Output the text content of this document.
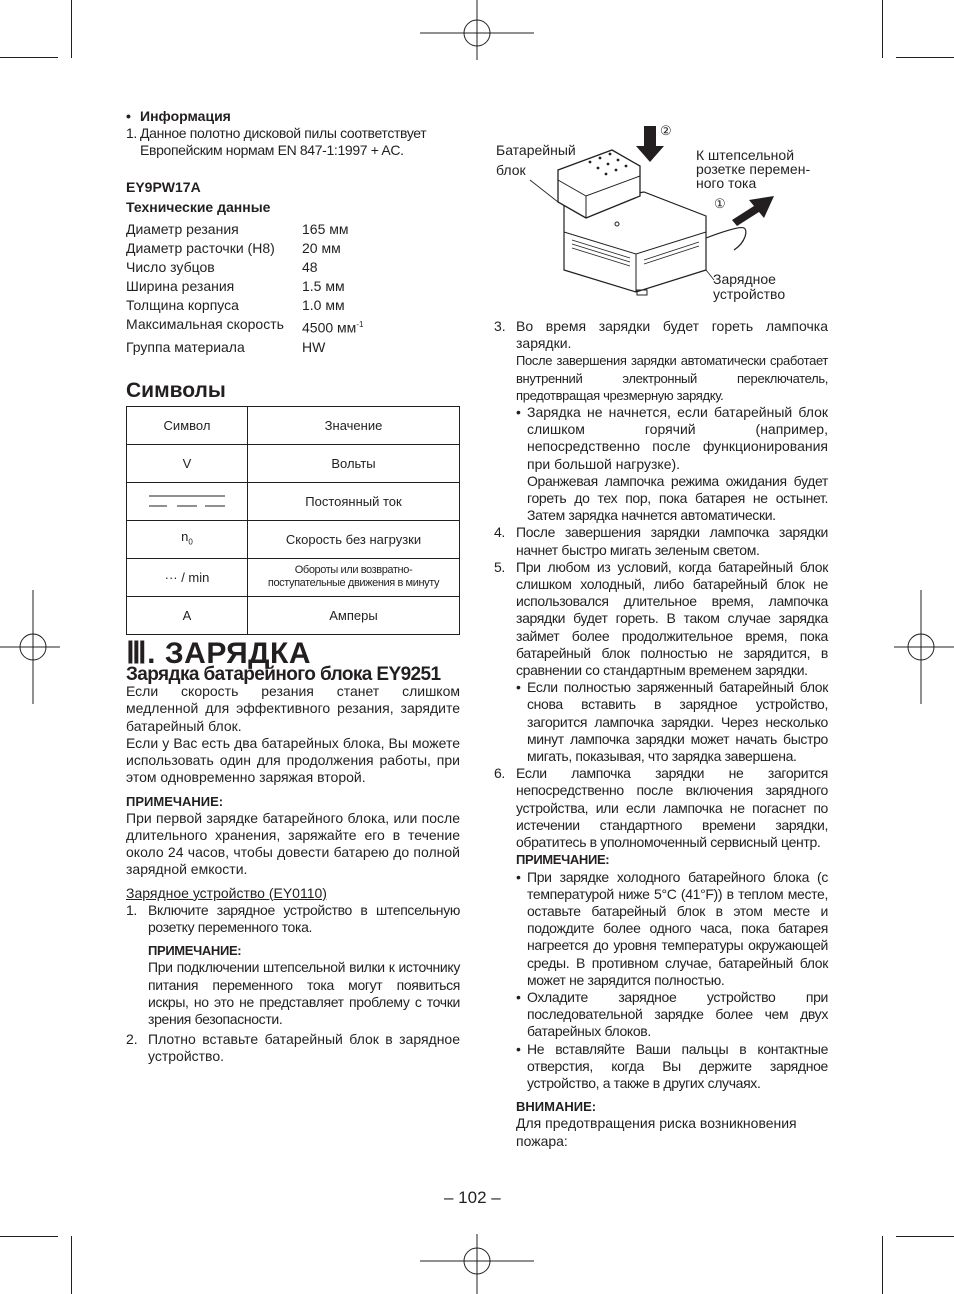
• Информация
1. Данное полотно дисковой пилы соответствует Европейским нормам EN 847-1:1997 + AC.
EY9PW17A
Технические данные
Диаметр резания	165 мм
Диаметр расточки (H8)	20 мм
Число зубцов	48
Ширина резания	1.5 мм
Толщина корпуса	1.0 мм
Максимальная скорость	4500 $мм^{-1}$
Группа материала	HW
Символы
Символ	Значение
V	Вольты
	Постоянный ток
$n_0$	Скорость без нагрузки
··· / min	Обороты или возвратно-поступательные движения в минуту
A	Амперы
Ⅲ. ЗАРЯДКА
Зарядка батарейного блока EY9251
Если скорость резания станет слишком медленной для эффективного резания, зарядите батарейный блок.
Если у Вас есть два батарейных блока, Вы можете использовать один для продолжения работы, при этом одновременно заряжая второй.
ПРИМЕЧАНИЕ:
При первой зарядке батарейного блока, или после длительного хранения, заряжайте его в течение около 24 часов, чтобы довести батарею до полной зарядной емкости.
Зарядное устройство (EY0110)
1. Включите зарядное устройство в штепсельную розетку переменного тока.
ПРИМЕЧАНИЕ:
При подключении штепсельной вилки к источнику питания переменного тока могут появиться искры, но это не представляет проблему с точки зрения безопасности.
2. Плотно вставьте батарейный блок в зарядное устройство.
Батарейный
блок
②
К штепсельной
розетке перемен-
ного тока
①
Зарядное
устройство
3. Во время зарядки будет гореть лампочка зарядки.
После завершения зарядки автоматически сработает внутренний электронный переключатель, предотвращая чрезмерную зарядку.
• Зарядка не начнется, если батарейный блок слишком горячий (например, непосредственно после функционирования при большой нагрузке).
Оранжевая лампочка режима ожидания будет гореть до тех пор, пока батарея не остынет. Затем зарядка начнется автоматически.
4. После завершения зарядки лампочка зарядки начнет быстро мигать зеленым светом.
5. При любом из условий, когда батарейный блок слишком холодный, либо батарейный блок не использовался длительное время, лампочка зарядки будет гореть. В таком случае зарядка займет более продолжительное время, пока батарейный блок полностью не зарядится, в сравнении со стандартным временем зарядки.
• Если полностью заряженный батарейный блок снова вставить в зарядное устройство, загорится лампочка зарядки. Через несколько минут лампочка зарядки может начать быстро мигать, показывая, что зарядка завершена.
6. Если лампочка зарядки не загорится непосредственно после включения зарядного устройства, или если лампочка не погаснет по истечении стандартного времени зарядки, обратитесь в уполномоченный сервисный центр.
ПРИМЕЧАНИЕ:
• При зарядке холодного батарейного блока (с температурой ниже 5°C (41°F)) в теплом месте, оставьте батарейный блок в этом месте и подождите более одного часа, пока батарея нагреется до уровня температуры окружающей среды. В противном случае, батарейный блок может не зарядится полностью.
• Охладите зарядное устройство при последовательной зарядке более чем двух батарейных блоков.
• Не вставляйте Ваши пальцы в контактные отверстия, когда Вы держите зарядное устройство, а также в других случаях.
ВНИМАНИЕ:
Для предотвращения риска возникновения пожара:
– 102 –
